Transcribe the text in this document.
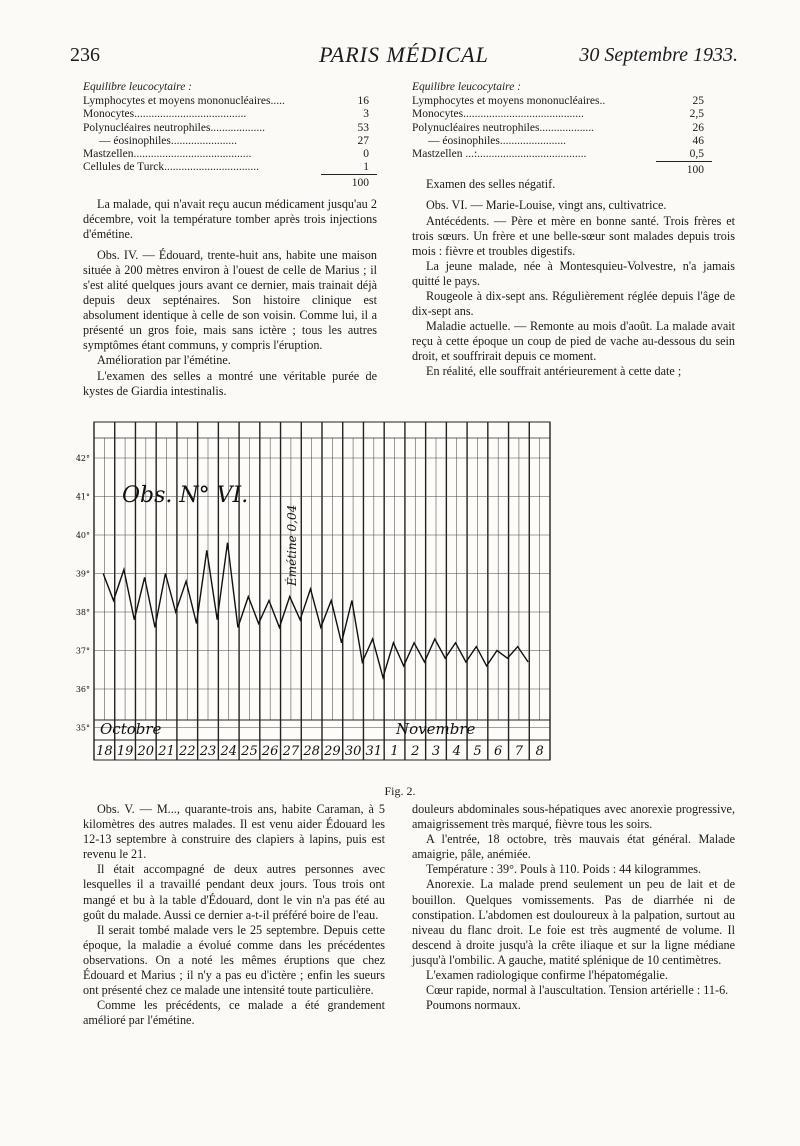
236	PARIS MÉDICAL	30 Septembre 1933.

Equilibre leucocytaire :

Lymphocytes et moyens mononucléaires.....	16
Monocytes.......................................	3
Polynucléaires neutrophiles...................	53
— éosinophiles.......................	27
Mastzellen.........................................	0
Cellules de Turck.................................	1
	100

La malade, qui n'avait reçu aucun médicament jusqu'au 2 décembre, voit la température tomber après trois injections d'émétine.

Obs. IV. — Édouard, trente-huit ans, habite une maison située à 200 mètres environ à l'ouest de celle de Marius ; il s'est alité quelques jours avant ce dernier, mais trainait déjà depuis deux septénaires. Son histoire clinique est absolument identique à celle de son voisin. Comme lui, il a présenté un gros foie, mais sans ictère ; tous les autres symptômes étant communs, y compris l'éruption.

Amélioration par l'émétine.

L'examen des selles a montré une véritable purée de kystes de Giardia intestinalis.

Equilibre leucocytaire :

Lymphocytes et moyens mononucléaires..	25
Monocytes..........................................	2,5
Polynucléaires neutrophiles...................	26
— éosinophiles.......................	46
Mastzellen ...:......................................	0,5
	100

Examen des selles négatif.

Obs. VI. — Marie-Louise, vingt ans, cultivatrice.

Antécédents. — Père et mère en bonne santé. Trois frères et trois sœurs. Un frère et une belle-sœur sont malades depuis trois mois : fièvre et troubles digestifs.

La jeune malade, née à Montesquieu-Volvestre, n'a jamais quitté le pays.

Rougeole à dix-sept ans. Régulièrement réglée depuis l'âge de dix-sept ans.

Maladie actuelle. — Remonte au mois d'août. La malade avait reçu à cette époque un coup de pied de vache au-dessous du sein droit, et souffrirait depuis ce moment.

En réalité, elle souffrait antérieurement à cette date ;

42°
41°
40°
39°
38°
37°
36°
35°
18 19 20 21 22 23 24 25 26 27 28 29 30 31 1 2 3 4 5 6 7 8
Obs. N° VI.
Émétine 0,04
Octobre	Novembre
Fig. 2.

Obs. V. — M..., quarante-trois ans, habite Caraman, à 5 kilomètres des autres malades. Il est venu aider Édouard les 12-13 septembre à construire des clapiers à lapins, puis est revenu le 21.

Il était accompagné de deux autres personnes avec lesquelles il a travaillé pendant deux jours. Tous trois ont mangé et bu à la table d'Édouard, dont le vin n'a pas été au goût du malade. Aussi ce dernier a-t-il préféré boire de l'eau.

Il serait tombé malade vers le 25 septembre. Depuis cette époque, la maladie a évolué comme dans les précédentes observations. On a noté les mêmes éruptions que chez Édouard et Marius ; il n'y a pas eu d'ictère ; enfin les sueurs ont présenté chez ce malade une intensité toute particulière.

Comme les précédents, ce malade a été grandement amélioré par l'émétine.

douleurs abdominales sous-hépatiques avec anorexie progressive, amaigrissement très marqué, fièvre tous les soirs.

A l'entrée, 18 octobre, très mauvais état général. Malade amaigrie, pâle, anémiée.

Température : 39°. Pouls à 110. Poids : 44 kilogrammes.

Anorexie. La malade prend seulement un peu de lait et de bouillon. Quelques vomissements. Pas de diarrhée ni de constipation. L'abdomen est douloureux à la palpation, surtout au niveau du flanc droit. Le foie est très augmenté de volume. Il descend à droite jusqu'à la crête iliaque et sur la ligne médiane jusqu'à l'ombilic. A gauche, matité splénique de 10 centimètres.

L'examen radiologique confirme l'hépatomégalie.

Cœur rapide, normal à l'auscultation. Tension artérielle : 11-6.

Poumons normaux.
